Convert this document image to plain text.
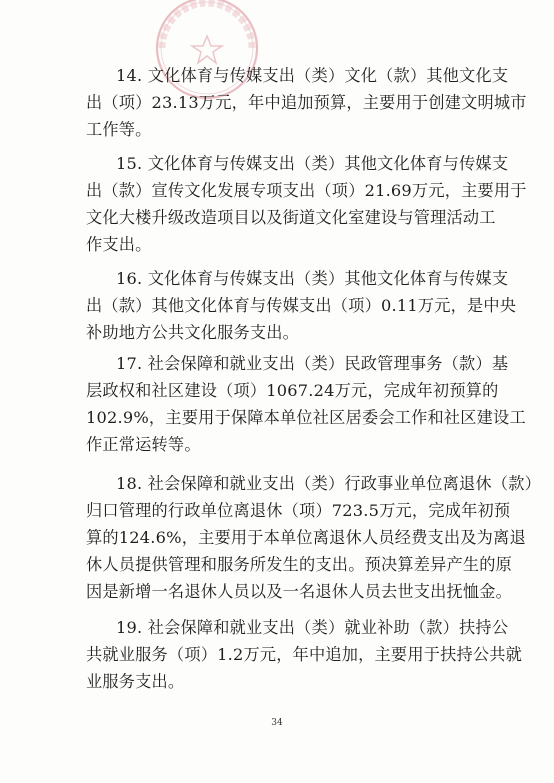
14. 文化体育与传媒支出（类）文化（款）其他文化支
出（项）23.13万元，年中追加预算，主要用于创建文明城市
工作等。
15. 文化体育与传媒支出（类）其他文化体育与传媒支
出（款）宣传文化发展专项支出（项）21.69万元，主要用于
文化大楼升级改造项目以及街道文化室建设与管理活动工
作支出。
16. 文化体育与传媒支出（类）其他文化体育与传媒支
出（款）其他文化体育与传媒支出（项）0.11万元，是中央
补助地方公共文化服务支出。
17. 社会保障和就业支出（类）民政管理事务（款）基
层政权和社区建设（项）1067.24万元，完成年初预算的
102.9%，主要用于保障本单位社区居委会工作和社区建设工
作正常运转等。
18. 社会保障和就业支出（类）行政事业单位离退休（款）
归口管理的行政单位离退休（项）723.5万元，完成年初预
算的124.6%，主要用于本单位离退休人员经费支出及为离退
休人员提供管理和服务所发生的支出。预决算差异产生的原
因是新增一名退休人员以及一名退休人员去世支出抚恤金。
19. 社会保障和就业支出（类）就业补助（款）扶持公
共就业服务（项）1.2万元，年中追加，主要用于扶持公共就
业服务支出。
34
